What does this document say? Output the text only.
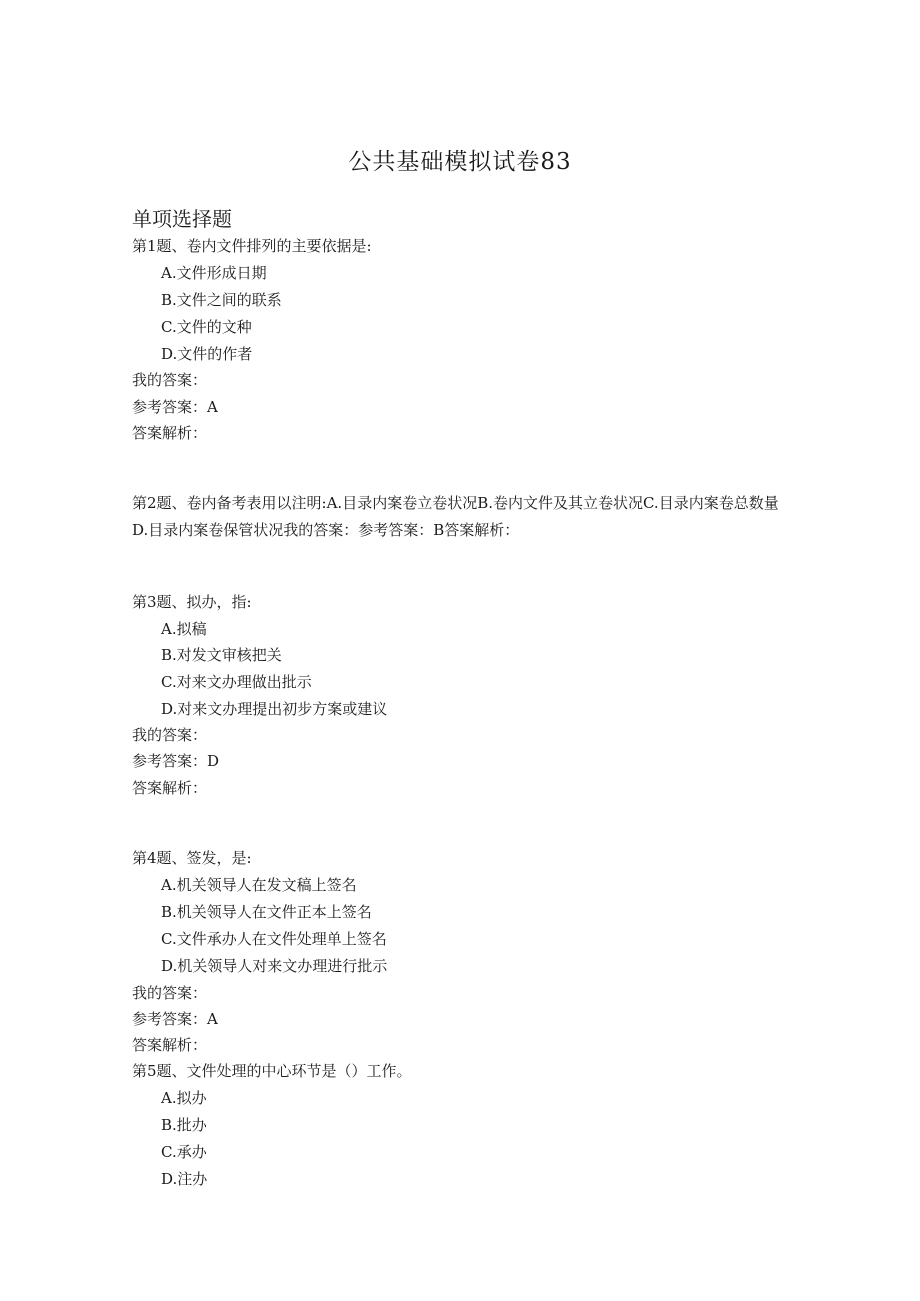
公共基础模拟试卷83
单项选择题
第1题、卷内文件排列的主要依据是:
A.文件形成日期
B.文件之间的联系
C.文件的文种
D.文件的作者
我的答案：
参考答案：A
答案解析：
第2题、卷内备考表用以注明:A.目录内案卷立卷状况B.卷内文件及其立卷状况C.目录内案卷总数量D.目录内案卷保管状况我的答案：参考答案：B答案解析：
第3题、拟办，指:
A.拟稿
B.对发文审核把关
C.对来文办理做出批示
D.对来文办理提出初步方案或建议
我的答案：
参考答案：D
答案解析：
第4题、签发，是:
A.机关领导人在发文稿上签名
B.机关领导人在文件正本上签名
C.文件承办人在文件处理单上签名
D.机关领导人对来文办理进行批示
我的答案：
参考答案：A
答案解析：
第5题、文件处理的中心环节是（）工作。
A.拟办
B.批办
C.承办
D.注办
